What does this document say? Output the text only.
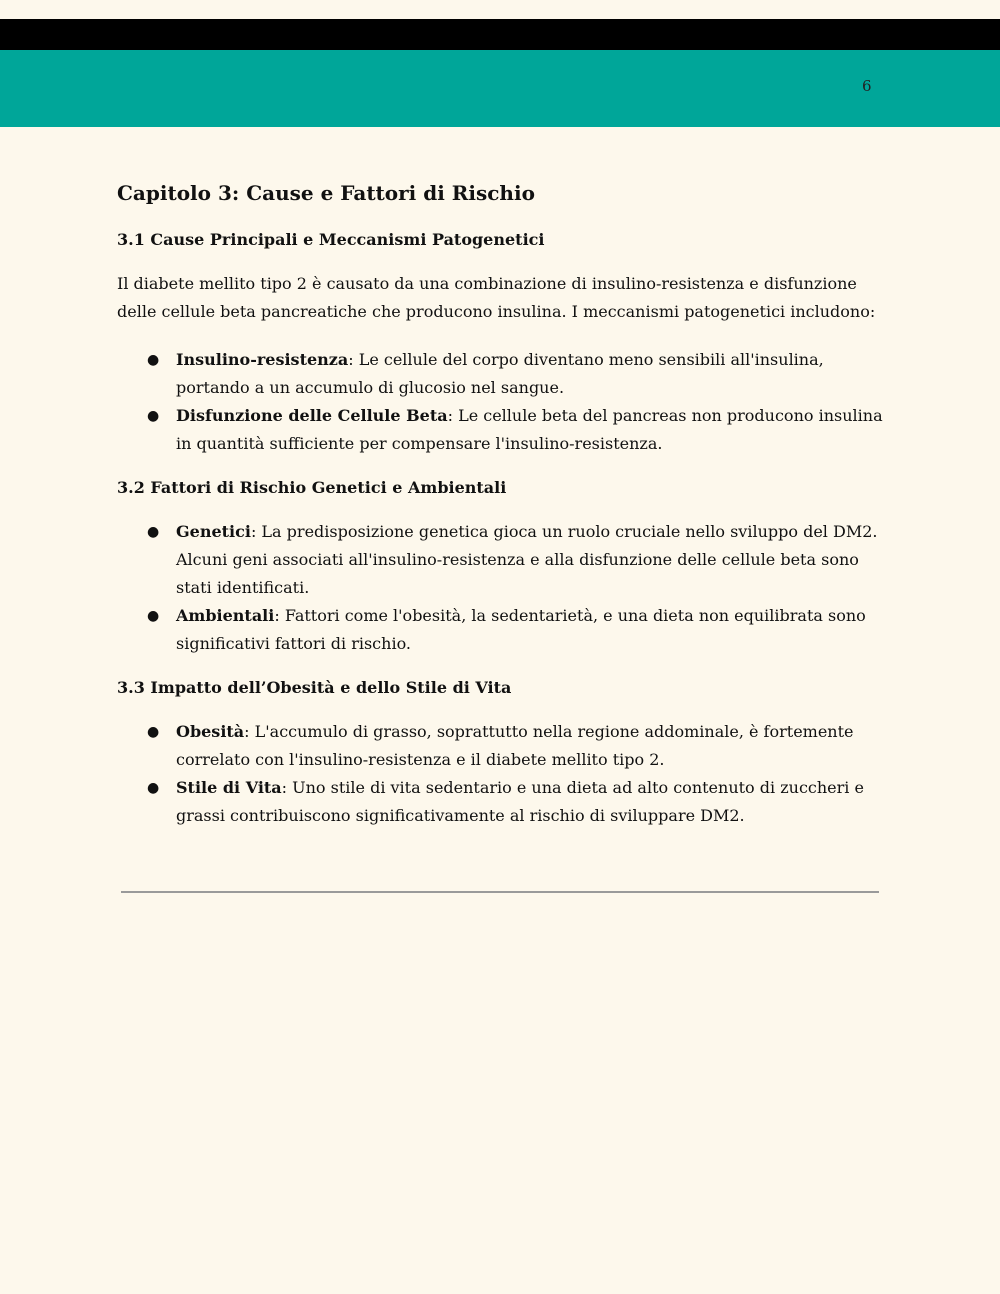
6
Capitolo 3: Cause e Fattori di Rischio
3.1 Cause Principali e Meccanismi Patogenetici

Il diabete mellito tipo 2 è causato da una combinazione di insulino-resistenza e disfunzione delle cellule beta pancreatiche che producono insulina. I meccanismi patogenetici includono:

● Insulino-resistenza: Le cellule del corpo diventano meno sensibili all'insulina, portando a un accumulo di glucosio nel sangue.
● Disfunzione delle Cellule Beta: Le cellule beta del pancreas non producono insulina in quantità sufficiente per compensare l'insulino-resistenza.
3.2 Fattori di Rischio Genetici e Ambientali
● Genetici: La predisposizione genetica gioca un ruolo cruciale nello sviluppo del DM2. Alcuni geni associati all'insulino-resistenza e alla disfunzione delle cellule beta sono stati identificati.
● Ambientali: Fattori come l'obesità, la sedentarietà, e una dieta non equilibrata sono significativi fattori di rischio.
3.3 Impatto dell’Obesità e dello Stile di Vita
● Obesità: L'accumulo di grasso, soprattutto nella regione addominale, è fortemente correlato con l'insulino-resistenza e il diabete mellito tipo 2.
● Stile di Vita: Uno stile di vita sedentario e una dieta ad alto contenuto di zuccheri e grassi contribuiscono significativamente al rischio di sviluppare DM2.
